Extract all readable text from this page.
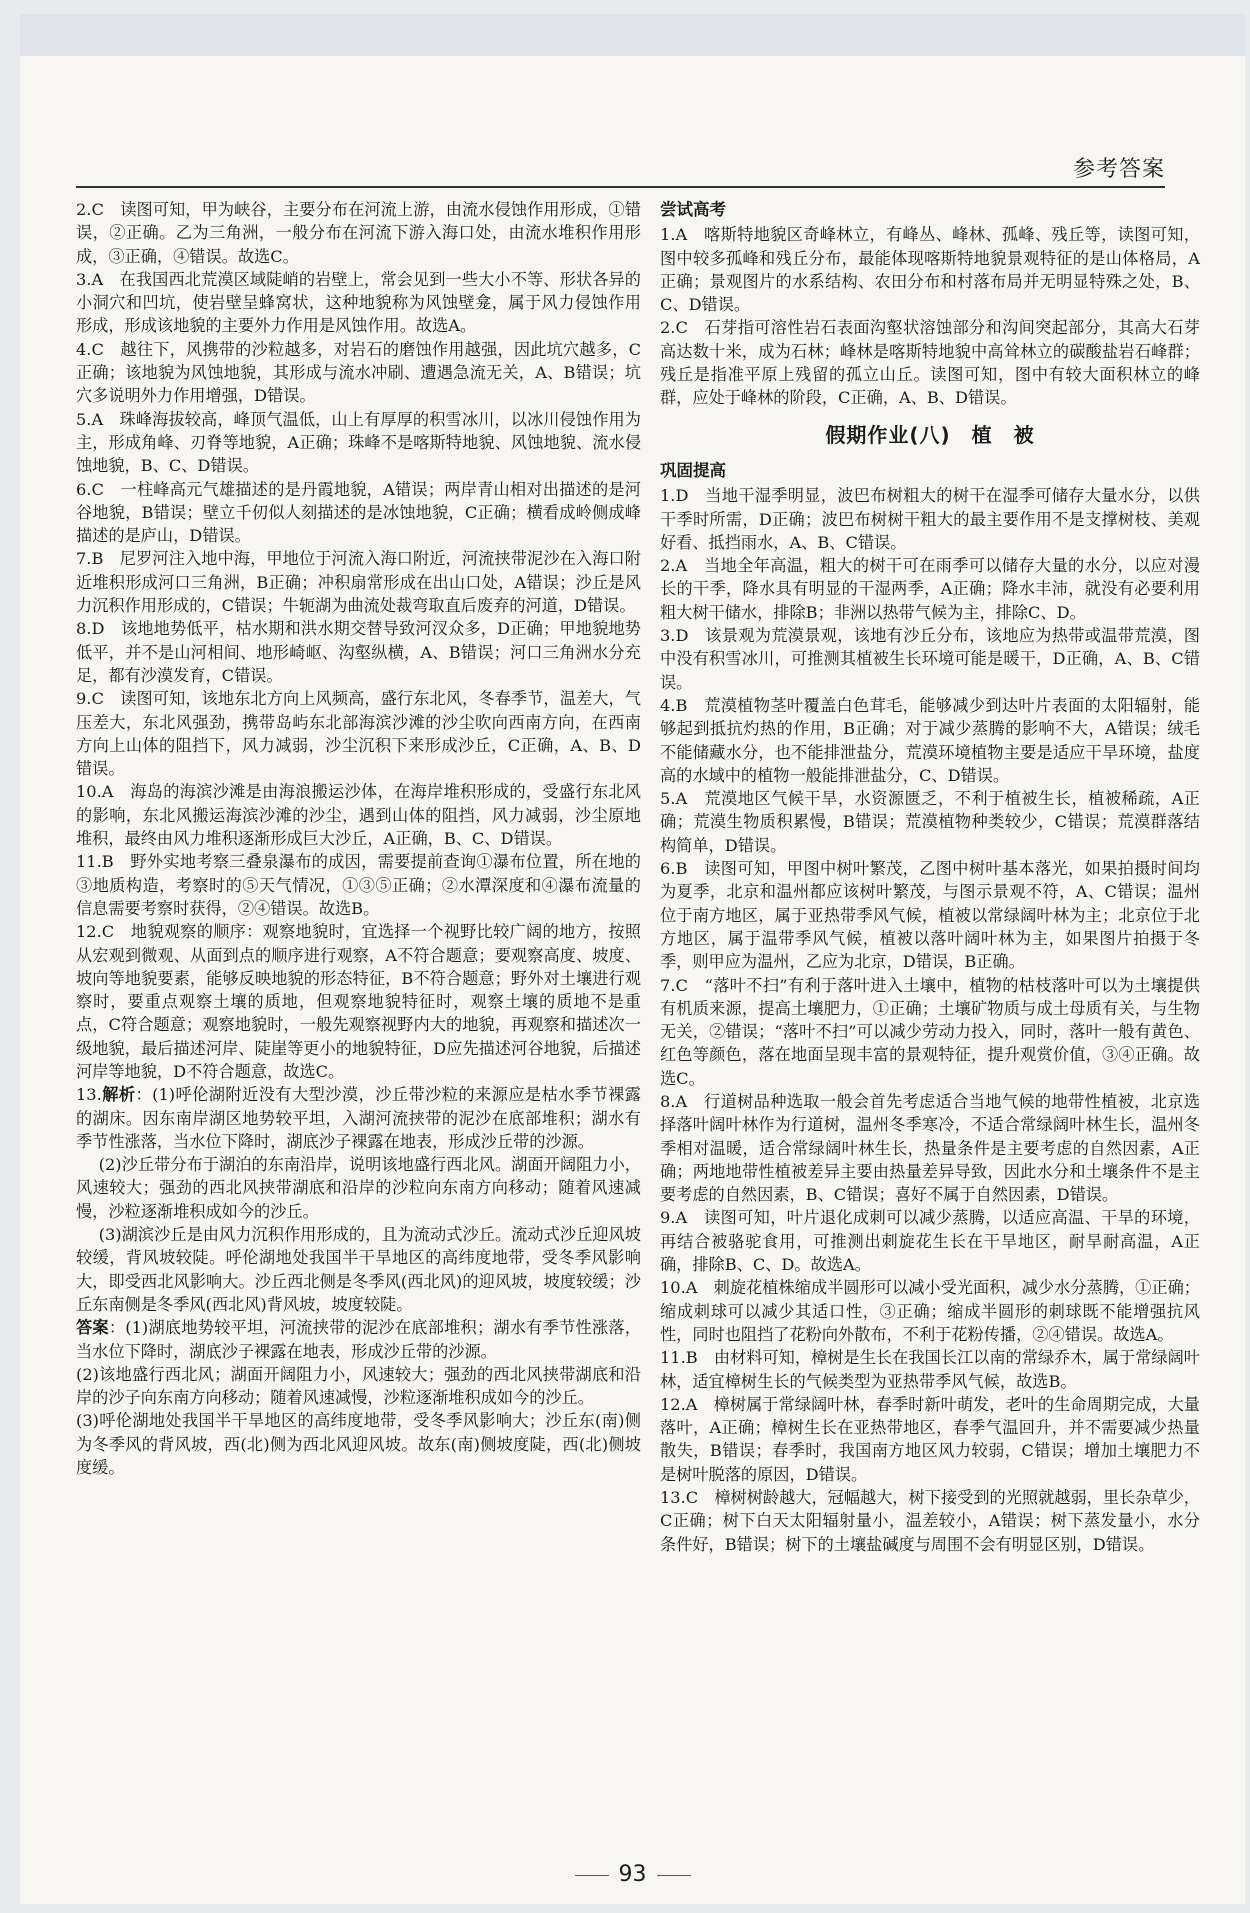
参考答案

2.C　读图可知，甲为峡谷，主要分布在河流上游，由流水侵蚀作用形成，①错误，②正确。乙为三角洲，一般分布在河流下游入海口处，由流水堆积作用形成，③正确，④错误。故选C。

3.A　在我国西北荒漠区域陡峭的岩壁上，常会见到一些大小不等、形状各异的小洞穴和凹坑，使岩壁呈蜂窝状，这种地貌称为风蚀壁龛，属于风力侵蚀作用形成，形成该地貌的主要外力作用是风蚀作用。故选A。

4.C　越往下，风携带的沙粒越多，对岩石的磨蚀作用越强，因此坑穴越多，C正确；该地貌为风蚀地貌，其形成与流水冲刷、遭遇急流无关，A、B错误；坑穴多说明外力作用增强，D错误。

5.A　珠峰海拔较高，峰顶气温低，山上有厚厚的积雪冰川，以冰川侵蚀作用为主，形成角峰、刃脊等地貌，A正确；珠峰不是喀斯特地貌、风蚀地貌、流水侵蚀地貌，B、C、D错误。

6.C　一柱峰高元气雄描述的是丹霞地貌，A错误；两岸青山相对出描述的是河谷地貌，B错误；壁立千仞似人刻描述的是冰蚀地貌，C正确；横看成岭侧成峰描述的是庐山，D错误。

7.B　尼罗河注入地中海，甲地位于河流入海口附近，河流挟带泥沙在入海口附近堆积形成河口三角洲，B正确；冲积扇常形成在出山口处，A错误；沙丘是风力沉积作用形成的，C错误；牛轭湖为曲流处裁弯取直后废弃的河道，D错误。

8.D　该地地势低平，枯水期和洪水期交替导致河汊众多，D正确；甲地貌地势低平，并不是山河相间、地形崎岖、沟壑纵横，A、B错误；河口三角洲水分充足，都有沙漠发育，C错误。

9.C　读图可知，该地东北方向上风频高，盛行东北风，冬春季节，温差大，气压差大，东北风强劲，携带岛屿东北部海滨沙滩的沙尘吹向西南方向，在西南方向上山体的阻挡下，风力减弱，沙尘沉积下来形成沙丘，C正确，A、B、D错误。

10.A　海岛的海滨沙滩是由海浪搬运沙体，在海岸堆积形成的，受盛行东北风的影响，东北风搬运海滨沙滩的沙尘，遇到山体的阻挡，风力减弱，沙尘原地堆积，最终由风力堆积逐渐形成巨大沙丘，A正确，B、C、D错误。

11.B　野外实地考察三叠泉瀑布的成因，需要提前查询①瀑布位置，所在地的③地质构造，考察时的⑤天气情况，①③⑤正确；②水潭深度和④瀑布流量的信息需要考察时获得，②④错误。故选B。

12.C　地貌观察的顺序：观察地貌时，宜选择一个视野比较广阔的地方，按照从宏观到微观、从面到点的顺序进行观察，A不符合题意；要观察高度、坡度、坡向等地貌要素，能够反映地貌的形态特征，B不符合题意；野外对土壤进行观察时，要重点观察土壤的质地，但观察地貌特征时，观察土壤的质地不是重点，C符合题意；观察地貌时，一般先观察视野内大的地貌，再观察和描述次一级地貌，最后描述河岸、陡崖等更小的地貌特征，D应先描述河谷地貌，后描述河岸等地貌，D不符合题意，故选C。

13.解析：(1)呼伦湖附近没有大型沙漠，沙丘带沙粒的来源应是枯水季节裸露的湖床。因东南岸湖区地势较平坦，入湖河流挟带的泥沙在底部堆积；湖水有季节性涨落，当水位下降时，湖底沙子裸露在地表，形成沙丘带的沙源。

(2)沙丘带分布于湖泊的东南沿岸，说明该地盛行西北风。湖面开阔阻力小，风速较大；强劲的西北风挟带湖底和沿岸的沙粒向东南方向移动；随着风速减慢，沙粒逐渐堆积成如今的沙丘。

(3)湖滨沙丘是由风力沉积作用形成的，且为流动式沙丘。流动式沙丘迎风坡较缓，背风坡较陡。呼伦湖地处我国半干旱地区的高纬度地带，受冬季风影响大，即受西北风影响大。沙丘西北侧是冬季风(西北风)的迎风坡，坡度较缓；沙丘东南侧是冬季风(西北风)背风坡，坡度较陡。

答案：(1)湖底地势较平坦，河流挟带的泥沙在底部堆积；湖水有季节性涨落，当水位下降时，湖底沙子裸露在地表，形成沙丘带的沙源。

(2)该地盛行西北风；湖面开阔阻力小，风速较大；强劲的西北风挟带湖底和沿岸的沙子向东南方向移动；随着风速减慢，沙粒逐渐堆积成如今的沙丘。

(3)呼伦湖地处我国半干旱地区的高纬度地带，受冬季风影响大；沙丘东(南)侧为冬季风的背风坡，西(北)侧为西北风迎风坡。故东(南)侧坡度陡，西(北)侧坡度缓。

尝试高考

1.A　喀斯特地貌区奇峰林立，有峰丛、峰林、孤峰、残丘等，读图可知，图中较多孤峰和残丘分布，最能体现喀斯特地貌景观特征的是山体格局，A正确；景观图片的水系结构、农田分布和村落布局并无明显特殊之处，B、C、D错误。

2.C　石芽指可溶性岩石表面沟壑状溶蚀部分和沟间突起部分，其高大石芽高达数十米，成为石林；峰林是喀斯特地貌中高耸林立的碳酸盐岩石峰群；残丘是指准平原上残留的孤立山丘。读图可知，图中有较大面积林立的峰群，应处于峰林的阶段，C正确，A、B、D错误。

假期作业(八)　植　被
巩固提高

1.D　当地干湿季明显，波巴布树粗大的树干在湿季可储存大量水分，以供干季时所需，D正确；波巴布树树干粗大的最主要作用不是支撑树枝、美观好看、抵挡雨水，A、B、C错误。

2.A　当地全年高温，粗大的树干可在雨季可以储存大量的水分，以应对漫长的干季，降水具有明显的干湿两季，A正确；降水丰沛，就没有必要利用粗大树干储水，排除B；非洲以热带气候为主，排除C、D。

3.D　该景观为荒漠景观，该地有沙丘分布，该地应为热带或温带荒漠，图中没有积雪冰川，可推测其植被生长环境可能是暖干，D正确，A、B、C错误。

4.B　荒漠植物茎叶覆盖白色茸毛，能够减少到达叶片表面的太阳辐射，能够起到抵抗灼热的作用，B正确；对于减少蒸腾的影响不大，A错误；绒毛不能储藏水分，也不能排泄盐分，荒漠环境植物主要是适应干旱环境，盐度高的水域中的植物一般能排泄盐分，C、D错误。

5.A　荒漠地区气候干旱，水资源匮乏，不利于植被生长，植被稀疏，A正确；荒漠生物质积累慢，B错误；荒漠植物种类较少，C错误；荒漠群落结构简单，D错误。

6.B　读图可知，甲图中树叶繁茂，乙图中树叶基本落光，如果拍摄时间均为夏季，北京和温州都应该树叶繁茂，与图示景观不符，A、C错误；温州位于南方地区，属于亚热带季风气候，植被以常绿阔叶林为主；北京位于北方地区，属于温带季风气候，植被以落叶阔叶林为主，如果图片拍摄于冬季，则甲应为温州，乙应为北京，D错误，B正确。

7.C　“落叶不扫”有利于落叶进入土壤中，植物的枯枝落叶可以为土壤提供有机质来源，提高土壤肥力，①正确；土壤矿物质与成土母质有关，与生物无关，②错误；“落叶不扫”可以减少劳动力投入，同时，落叶一般有黄色、红色等颜色，落在地面呈现丰富的景观特征，提升观赏价值，③④正确。故选C。

8.A　行道树品种选取一般会首先考虑适合当地气候的地带性植被，北京选择落叶阔叶林作为行道树，温州冬季寒冷，不适合常绿阔叶林生长，温州冬季相对温暖，适合常绿阔叶林生长，热量条件是主要考虑的自然因素，A正确；两地地带性植被差异主要由热量差异导致，因此水分和土壤条件不是主要考虑的自然因素，B、C错误；喜好不属于自然因素，D错误。

9.A　读图可知，叶片退化成刺可以减少蒸腾，以适应高温、干旱的环境，再结合被骆驼食用，可推测出刺旋花生长在干旱地区，耐旱耐高温，A正确，排除B、C、D。故选A。

10.A　刺旋花植株缩成半圆形可以减小受光面积，减少水分蒸腾，①正确；缩成刺球可以减少其适口性，③正确；缩成半圆形的刺球既不能增强抗风性，同时也阻挡了花粉向外散布，不利于花粉传播，②④错误。故选A。

11.B　由材料可知，樟树是生长在我国长江以南的常绿乔木，属于常绿阔叶林，适宜樟树生长的气候类型为亚热带季风气候，故选B。

12.A　樟树属于常绿阔叶林，春季时新叶萌发，老叶的生命周期完成，大量落叶，A正确；樟树生长在亚热带地区，春季气温回升，并不需要减少热量散失，B错误；春季时，我国南方地区风力较弱，C错误；增加土壤肥力不是树叶脱落的原因，D错误。

13.C　樟树树龄越大，冠幅越大，树下接受到的光照就越弱，里长杂草少，C正确；树下白天太阳辐射量小，温差较小，A错误；树下蒸发量小，水分条件好，B错误；树下的土壤盐碱度与周围不会有明显区别，D错误。

93
